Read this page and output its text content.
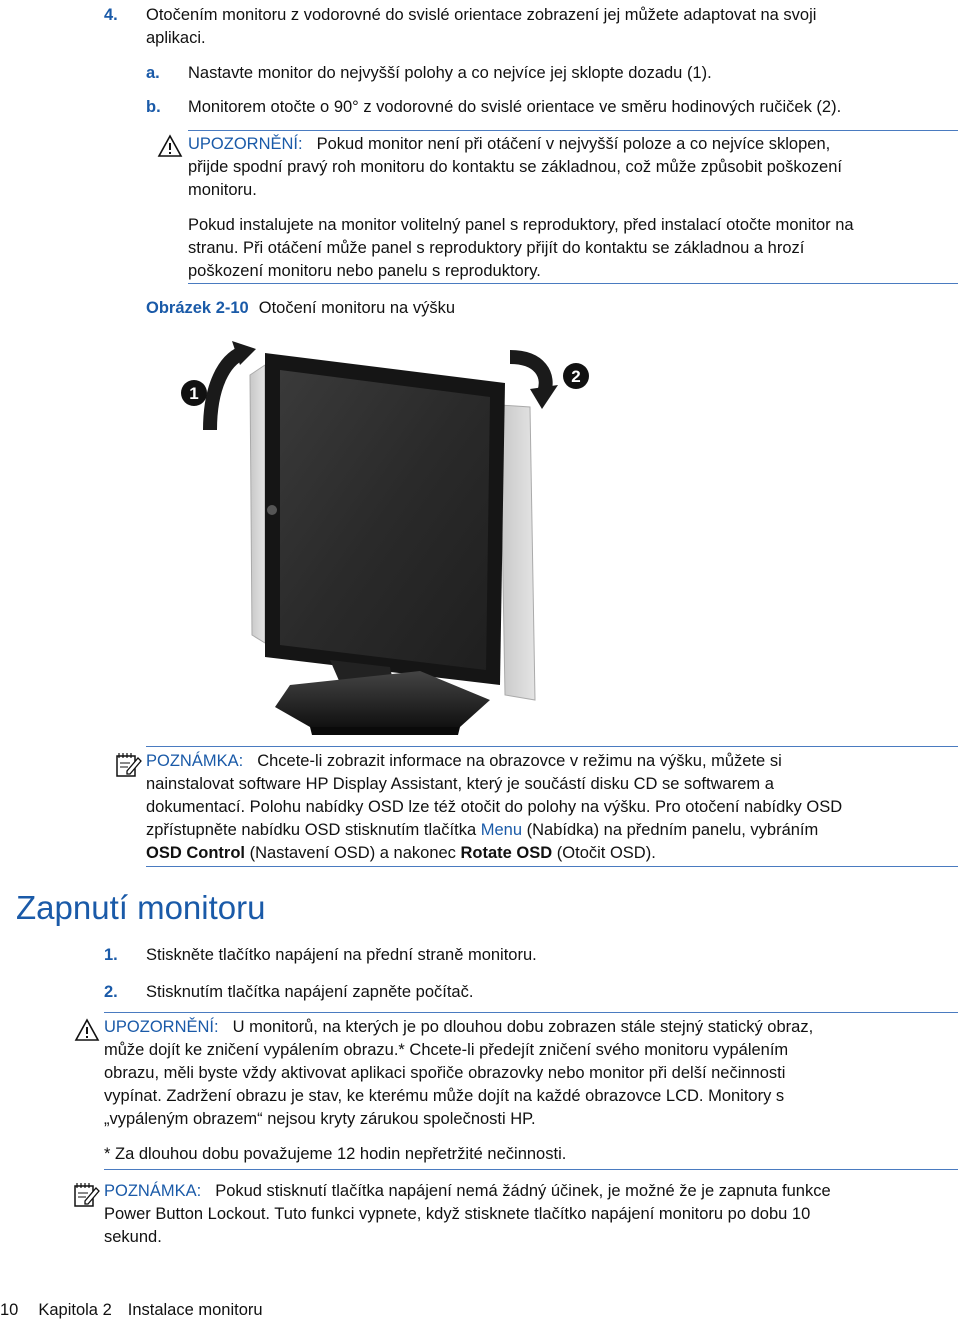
4. Otočením monitoru z vodorovné do svislé orientace zobrazení jej můžete adaptovat na svoji
aplikaci.
a. Nastavte monitor do nejvyšší polohy a co nejvíce jej sklopte dozadu (1).
b. Monitorem otočte o 90° z vodorovné do svislé orientace ve směru hodinových ručiček (2).
UPOZORNĚNÍ: Pokud monitor není při otáčení v nejvyšší poloze a co nejvíce sklopen,
přijde spodní pravý roh monitoru do kontaktu se základnou, což může způsobit poškození
monitoru.
Pokud instalujete na monitor volitelný panel s reproduktory, před instalací otočte monitor na
stranu. Při otáčení může panel s reproduktory přijít do kontaktu se základnou a hrozí
poškození monitoru nebo panelu s reproduktory.
Obrázek 2-10 Otočení monitoru na výšku
1
2
POZNÁMKA: Chcete-li zobrazit informace na obrazovce v režimu na výšku, můžete si
nainstalovat software HP Display Assistant, který je součástí disku CD se softwarem a
dokumentací. Polohu nabídky OSD lze též otočit do polohy na výšku. Pro otočení nabídky OSD
zpřístupněte nabídku OSD stisknutím tlačítka Menu (Nabídka) na předním panelu, vybráním
OSD Control (Nastavení OSD) a nakonec Rotate OSD (Otočit OSD).
Zapnutí monitoru
1. Stiskněte tlačítko napájení na přední straně monitoru.
2. Stisknutím tlačítka napájení zapněte počítač.
UPOZORNĚNÍ: U monitorů, na kterých je po dlouhou dobu zobrazen stále stejný statický obraz,
může dojít ke zničení vypálením obrazu.* Chcete-li předejít zničení svého monitoru vypálením
obrazu, měli byste vždy aktivovat aplikaci spořiče obrazovky nebo monitor při delší nečinnosti
vypínat. Zadržení obrazu je stav, ke kterému může dojít na každé obrazovce LCD. Monitory s
„vypáleným obrazem“ nejsou kryty zárukou společnosti HP.
* Za dlouhou dobu považujeme 12 hodin nepřetržité nečinnosti.
POZNÁMKA: Pokud stisknutí tlačítka napájení nemá žádný účinek, je možné že je zapnuta funkce
Power Button Lockout. Tuto funkci vypnete, když stisknete tlačítko napájení monitoru po dobu 10
sekund.
10 Kapitola 2 Instalace monitoru
